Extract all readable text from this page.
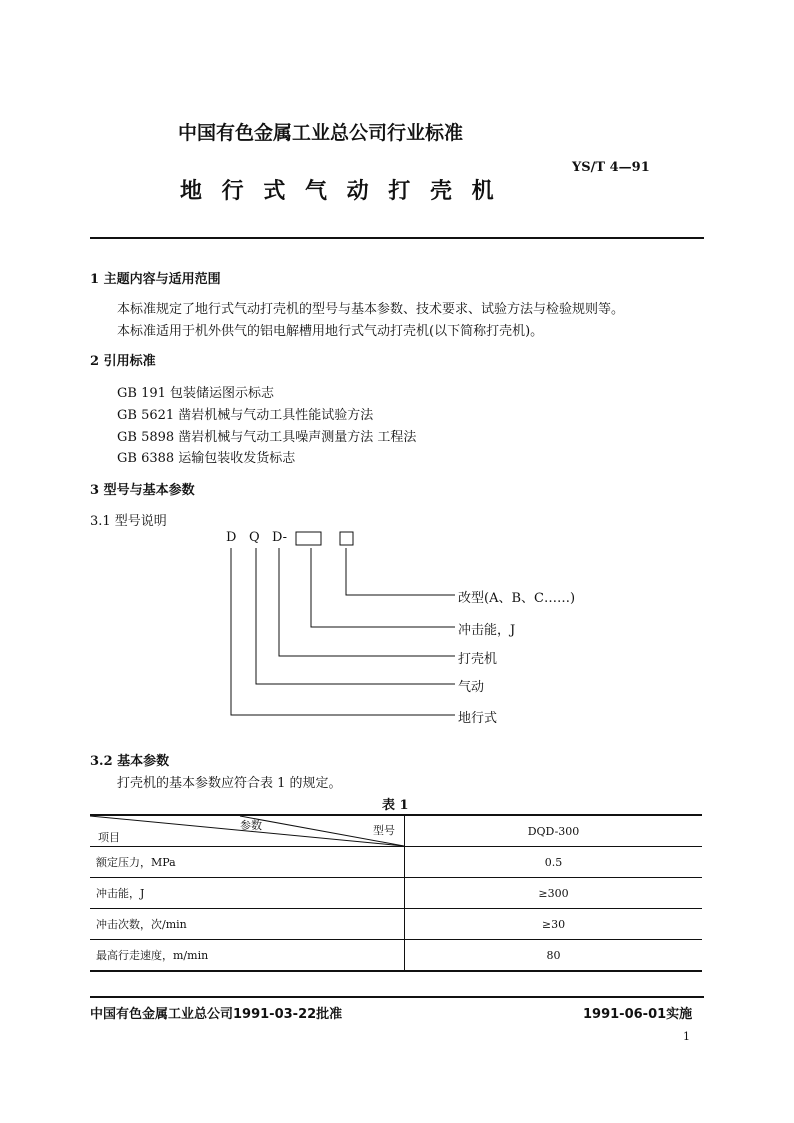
中国有色金属工业总公司行业标准
YS/T 4—91
地 行 式 气 动 打 壳 机
1 主题内容与适用范围
本标准规定了地行式气动打壳机的型号与基本参数、技术要求、试验方法与检验规则等。
本标准适用于机外供气的铝电解槽用地行式气动打壳机(以下简称打壳机)。
2 引用标准
GB 191 包装储运图示标志
GB 5621 凿岩机械与气动工具性能试验方法
GB 5898 凿岩机械与气动工具噪声测量方法 工程法
GB 6388 运输包装收发货标志
3 型号与基本参数
3.1 型号说明
D Q D-
改型(A、B、C……)
冲击能，J
打壳机
气动
地行式
3.2 基本参数
打壳机的基本参数应符合表 1 的规定。
表 1
参数 型号
项目	DQD-300
额定压力，MPa	0.5
冲击能，J	≥300
冲击次数，次/min	≥30
最高行走速度，m/min	80
中国有色金属工业总公司1991-03-22批准	1991-06-01实施
1
